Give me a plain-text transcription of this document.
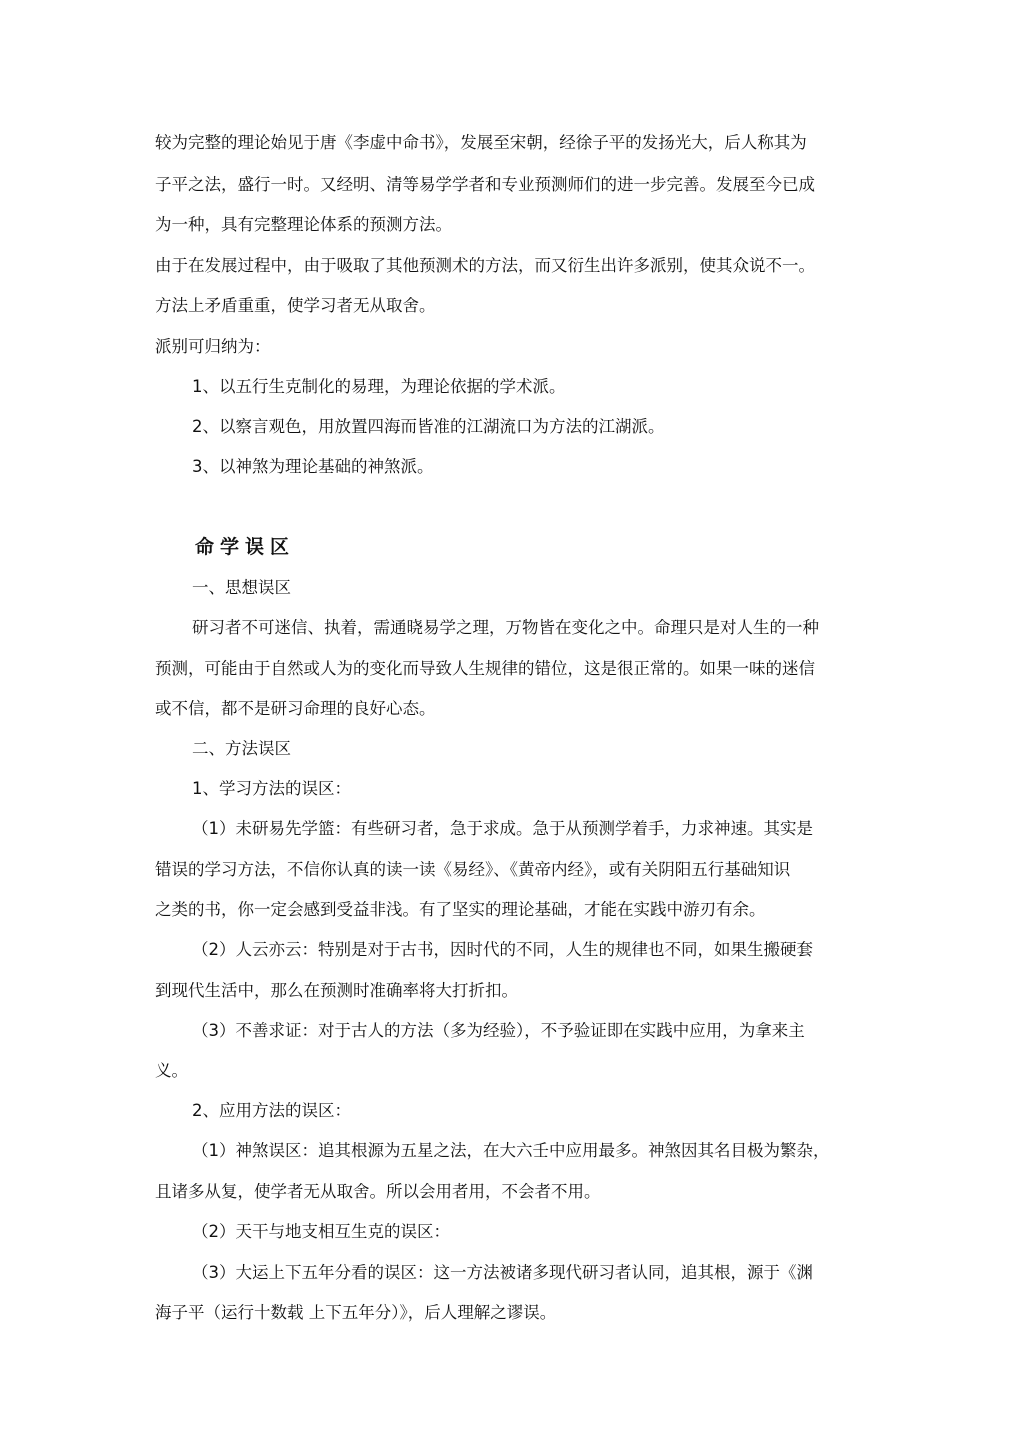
较为完整的理论始见于唐《李虚中命书》，发展至宋朝，经徐子平的发扬光大，后人称其为
子平之法，盛行一时。又经明、清等易学学者和专业预测师们的进一步完善。发展至今已成
为一种，具有完整理论体系的预测方法。
由于在发展过程中，由于吸取了其他预测术的方法，而又衍生出许多派别，使其众说不一。
方法上矛盾重重，使学习者无从取舍。
派别可归纳为：
1、以五行生克制化的易理，为理论依据的学术派。
2、以察言观色，用放置四海而皆准的江湖流口为方法的江湖派。
3、以神煞为理论基础的神煞派。
命学误区
一、思想误区
研习者不可迷信、执着，需通晓易学之理，万物皆在变化之中。命理只是对人生的一种
预测，可能由于自然或人为的变化而导致人生规律的错位，这是很正常的。如果一味的迷信
或不信，都不是研习命理的良好心态。
二、方法误区
1、学习方法的误区：
（1）未研易先学篮：有些研习者，急于求成。急于从预测学着手，力求神速。其实是
错误的学习方法，不信你认真的读一读《易经》、《黄帝内经》，或有关阴阳五行基础知识
之类的书，你一定会感到受益非浅。有了坚实的理论基础，才能在实践中游刃有余。
（2）人云亦云：特别是对于古书，因时代的不同，人生的规律也不同，如果生搬硬套
到现代生活中，那么在预测时准确率将大打折扣。
（3）不善求证：对于古人的方法（多为经验），不予验证即在实践中应用，为拿来主
义。
2、应用方法的误区：
（1）神煞误区：追其根源为五星之法，在大六壬中应用最多。神煞因其名目极为繁杂，
且诸多从复，使学者无从取舍。所以会用者用，不会者不用。
（2）天干与地支相互生克的误区：
（3）大运上下五年分看的误区：这一方法被诸多现代研习者认同，追其根，源于《渊
海子平（运行十数载 上下五年分）》，后人理解之谬误。
